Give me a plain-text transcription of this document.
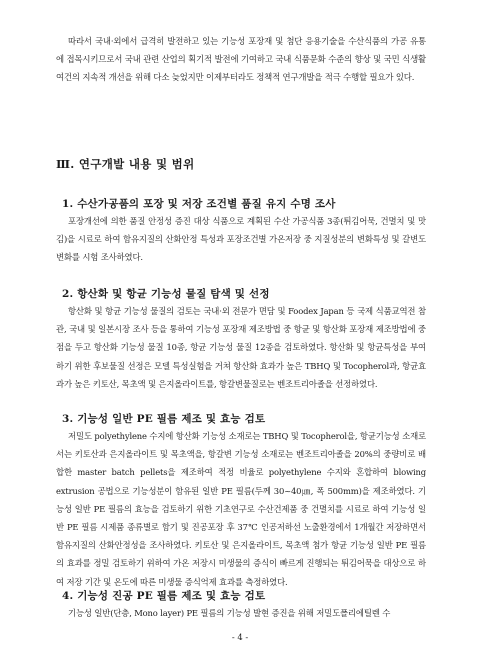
따라서 국내·외에서 급격히 발전하고 있는 기능성 포장재 및 첨단 응용기술을 수산식품의 가공 유통에 접목시키므로서 국내 관련 산업의 획기적 발전에 기여하고 국내 식품문화 수준의 향상 및 국민 식생활여건의 지속적 개선을 위해 다소 늦었지만 이제부터라도 정책적 연구개발을 적극 수행할 필요가 있다.

Ⅲ. 연구개발 내용 및 범위
1. 수산가공품의 포장 및 저장 조건별 품질 유지 수명 조사

포장개선에 의한 품질 안정성 증진 대상 식품으로 계획된 수산 가공식품 3종(튀김어묵, 건멸치 및 맛김)을 시료로 하여 함유지질의 산화안정 특성과 포장조건별 가온저장 중 지질성분의 변화특성 및 갈변도 변화를 시험 조사하였다.

2. 항산화 및 항균 기능성 물질 탐색 및 선정

항산화 및 항균 기능성 물질의 검토는 국내·외 전문가 면담 및 Foodex Japan 등 국제 식품교역전 참관, 국내 및 일본시장 조사 등을 통하여 기능성 포장재 제조방법 중 항균 및 항산화 포장재 제조방법에 중점을 두고 항산화 기능성 물질 10종, 항균 기능성 물질 12종을 검토하였다. 항산화 및 항균특성을 부여하기 위한 후보물질 선정은 모델 특성실험을 거쳐 항산화 효과가 높은 TBHQ 및 Tocopherol과, 항균효과가 높은 키토산, 목초액 및 은지올라이트를, 항갈변물질로는 벤조트리아졸을 선정하였다.

3. 기능성 일반 PE 필름 제조 및 효능 검토

저밀도 polyethylene 수지에 항산화 기능성 소재로는 TBHQ 및 Tocopherol을, 항균기능성 소재로서는 키토산과 은지올라이트 및 목초액을, 항갈변 기능성 소재로는 벤조트리아졸을 20%의 중량비로 배합한 master batch pellets을 제조하여 적정 비율로 polyethylene 수지와 혼합하여 blowing extrusion 공법으로 기능성분이 함유된 일반 PE 필름(두께 30~40㎛, 폭 500mm)을 제조하였다. 기능성 일반 PE 필름의 효능을 검토하기 위한 기초연구로 수산건제품 중 건멸치를 시료로 하여 기능성 일반 PE 필름 시제품 종류별로 함기 및 진공포장 후 37℃ 인공저하선 노출환경에서 1개월간 저장하면서 함유지질의 산화안정성을 조사하였다. 키토산 및 은지올라이트, 목초액 첨가 항균 기능성 일반 PE 필름의 효과를 정밀 검토하기 위하여 가온 저장시 미생물의 증식이 빠르게 진행되는 튀김어묵을 대상으로 하여 저장 기간 및 온도에 따른 미생물 증식억제 효과를 측정하였다.

4. 기능성 진공 PE 필름 제조 및 효능 검토

기능성 일반(단층, Mono layer) PE 필름의 기능성 발현 증진을 위해 저밀도폴리에틸렌 수

- 4 -
